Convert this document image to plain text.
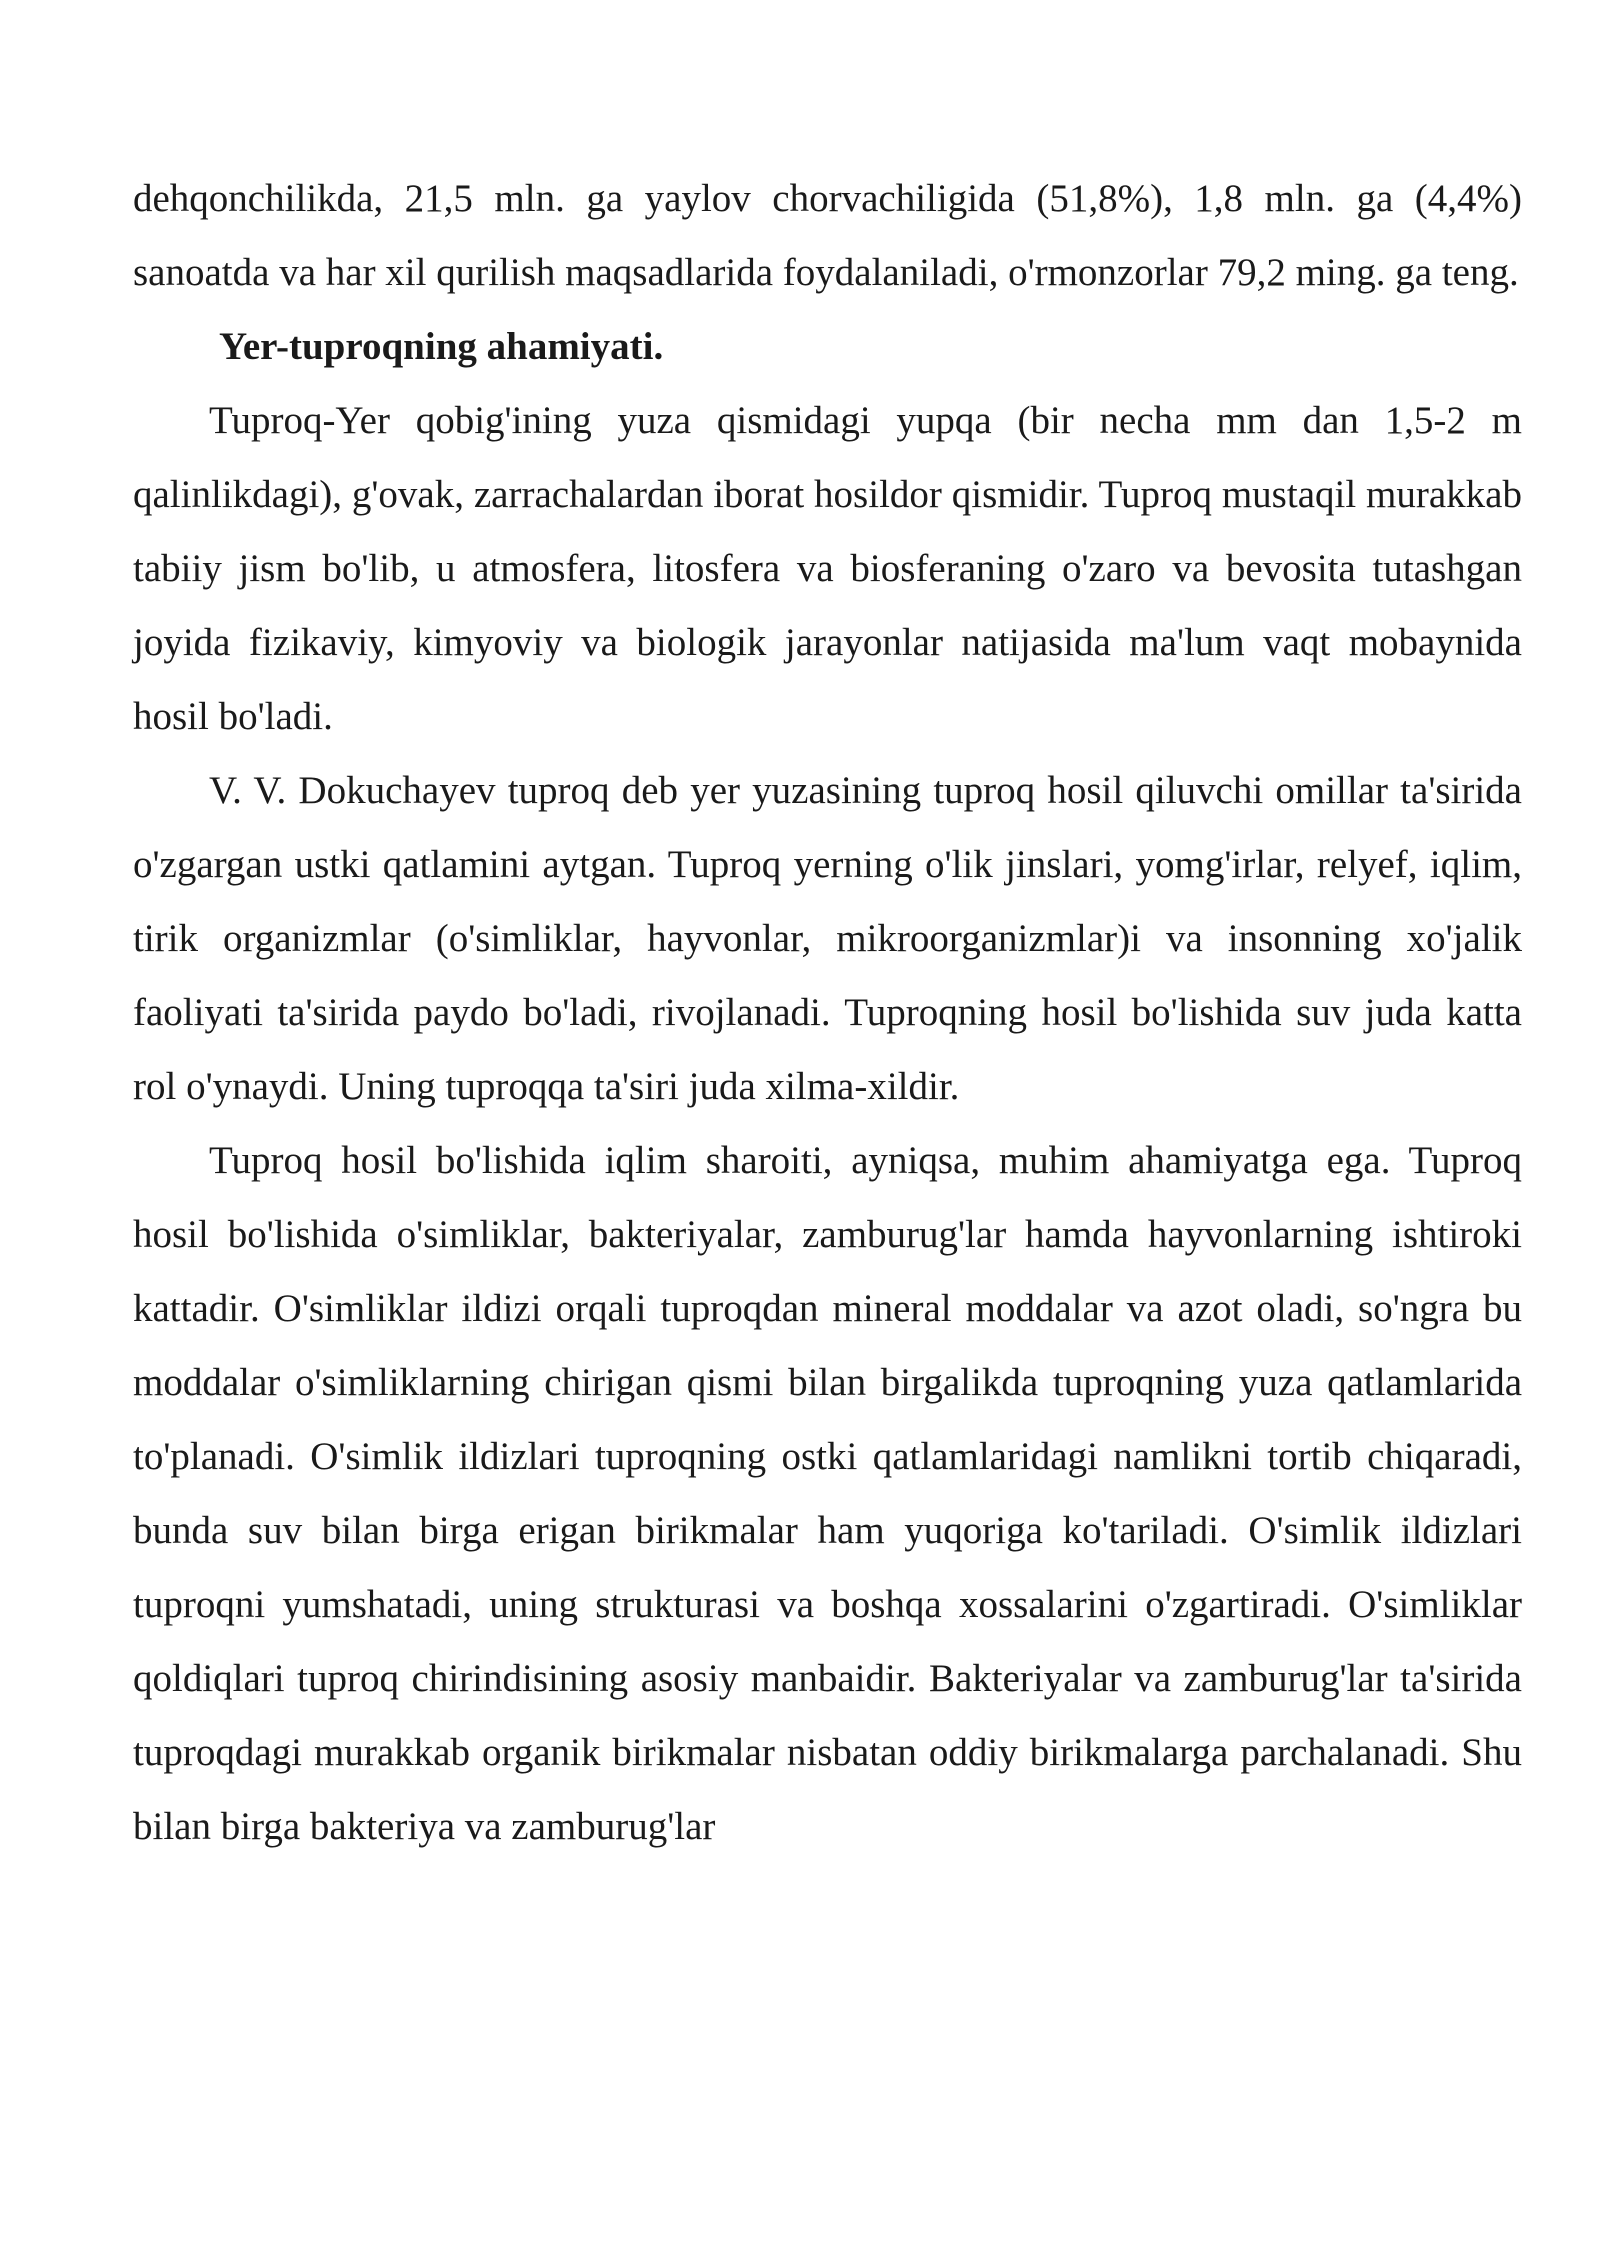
dehqonchilikda, 21,5 mln. ga yaylov chorvachiligida (51,8%), 1,8 mln. ga (4,4%) sanoatda va har xil qurilish maqsadlarida foydalaniladi, o'rmonzorlar 79,2 ming. ga teng.

Yer-tuproqning ahamiyati.

Tuproq-Yer qobig'ining yuza qismidagi yupqa (bir necha mm dan 1,5-2 m qalinlikdagi), g'ovak, zarrachalardan iborat hosildor qismidir. Tuproq mustaqil murakkab tabiiy jism bo'lib, u atmosfera, litosfera va biosferaning o'zaro va bevosita tutashgan joyida fizikaviy, kimyoviy va biologik jarayonlar natijasida ma'lum vaqt mobaynida hosil bo'ladi.

V. V. Dokuchayev tuproq deb yer yuzasining tuproq hosil qiluvchi omillar ta'sirida o'zgargan ustki qatlamini aytgan. Tuproq yerning o'lik jinslari, yomg'irlar, relyef, iqlim, tirik organizmlar (o'simliklar, hayvonlar, mikroorganizmlar)i va insonning xo'jalik faoliyati ta'sirida paydo bo'ladi, rivojlanadi. Tuproqning hosil bo'lishida suv juda katta rol o'ynaydi. Uning tuproqqa ta'siri juda xilma-xildir.

Tuproq hosil bo'lishida iqlim sharoiti, ayniqsa, muhim ahamiyatga ega. Tuproq hosil bo'lishida o'simliklar, bakteriyalar, zamburug'lar hamda hayvonlarning ishtiroki kattadir. O'simliklar ildizi orqali tuproqdan mineral moddalar va azot oladi, so'ngra bu moddalar o'simliklarning chirigan qismi bilan birgalikda tuproqning yuza qatlamlarida to'planadi. O'simlik ildizlari tuproqning ostki qatlamlaridagi namlikni tortib chiqaradi, bunda suv bilan birga erigan birikmalar ham yuqoriga ko'tariladi. O'simlik ildizlari tuproqni yumshatadi, uning strukturasi va boshqa xossalarini o'zgartiradi. O'simliklar qoldiqlari tuproq chirindisining asosiy manbaidir. Bakteriyalar va zamburug'lar ta'sirida tuproqdagi murakkab organik birikmalar nisbatan oddiy birikmalarga parchalanadi. Shu bilan birga bakteriya va zamburug'lar
